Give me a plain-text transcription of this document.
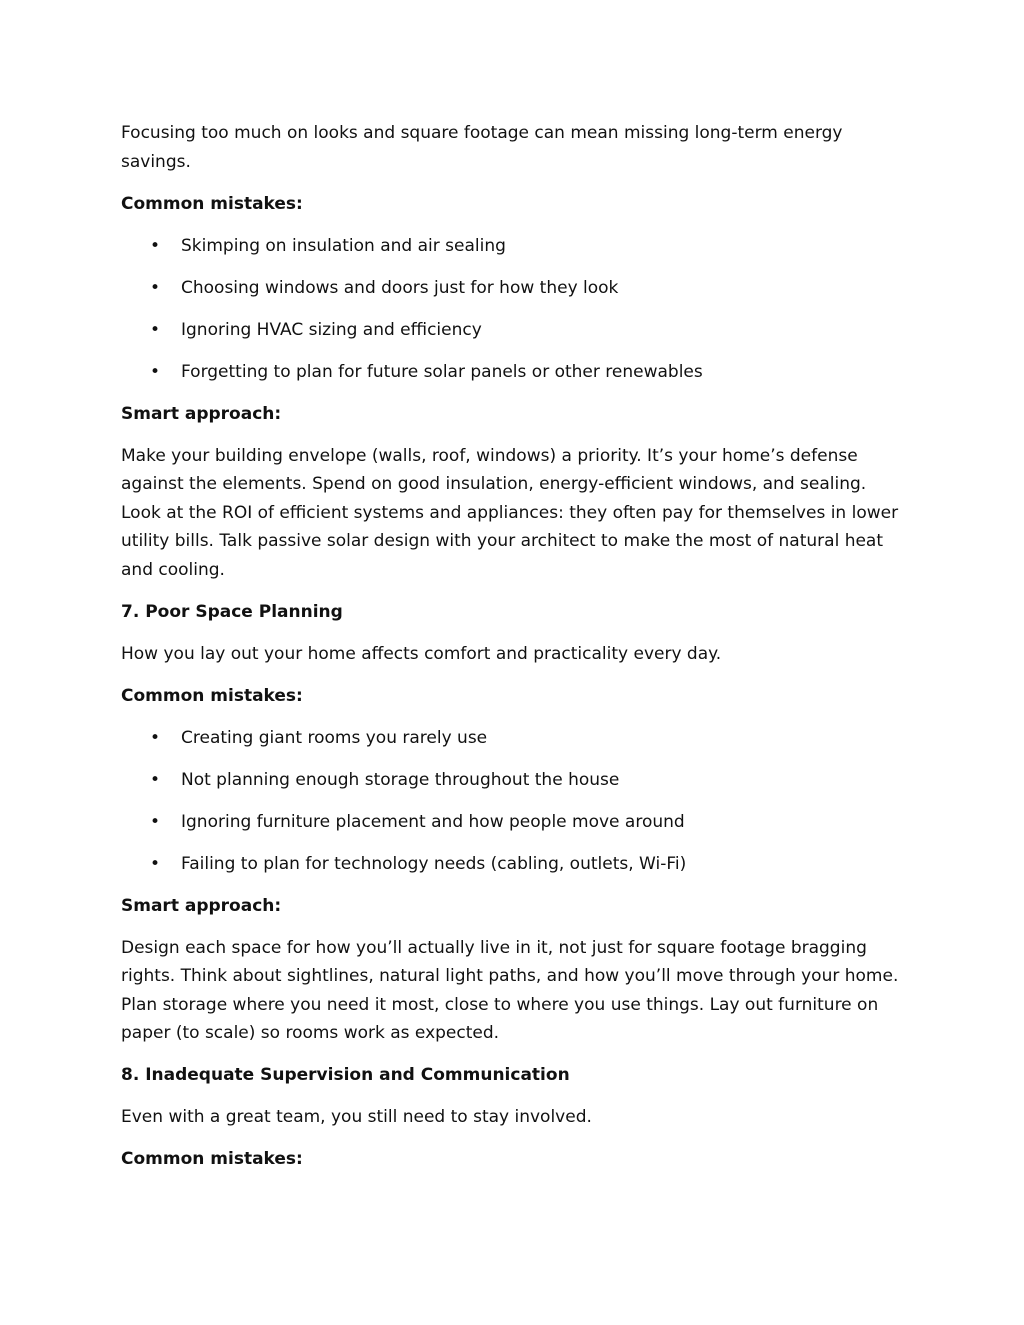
Focusing too much on looks and square footage can mean missing long-term energy savings.

Common mistakes:

• Skimping on insulation and air sealing
• Choosing windows and doors just for how they look
• Ignoring HVAC sizing and efficiency
• Forgetting to plan for future solar panels or other renewables

Smart approach:

Make your building envelope (walls, roof, windows) a priority. It’s your home’s defense against the elements. Spend on good insulation, energy-efficient windows, and sealing. Look at the ROI of efficient systems and appliances: they often pay for themselves in lower utility bills. Talk passive solar design with your architect to make the most of natural heat and cooling.

7. Poor Space Planning

How you lay out your home affects comfort and practicality every day.

Common mistakes:

• Creating giant rooms you rarely use
• Not planning enough storage throughout the house
• Ignoring furniture placement and how people move around
• Failing to plan for technology needs (cabling, outlets, Wi-Fi)

Smart approach:

Design each space for how you’ll actually live in it, not just for square footage bragging rights. Think about sightlines, natural light paths, and how you’ll move through your home. Plan storage where you need it most, close to where you use things. Lay out furniture on paper (to scale) so rooms work as expected.

8. Inadequate Supervision and Communication

Even with a great team, you still need to stay involved.

Common mistakes:
